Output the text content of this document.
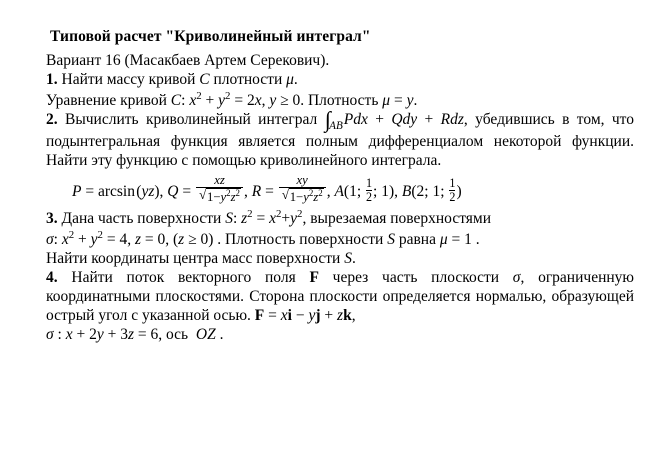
Типовой расчет "Криволинейный интеграл"
Вариант 16 (Масакбаев Артем Серекович).
1. Найти массу кривой C плотности μ.
Уравнение кривой C: $x^2 + y^2 = 2x$, y ≥ 0. Плотность μ = y.
2. Вычислить криволинейный интеграл $\int_{AB}Pdx$ + Qdy + Rdz, убедившись в том, что подынтегральная функция является полным дифференциалом некоторой функции. Найти эту функцию с помощью криволинейного интеграла.
P = arcsin (yz), Q = xz
√ $1-y^2z^2$ , R = xy
√ $1-y^2z^2$ , A(1; $\frac{1}{2}$ ; 1), B(2; 1; $\frac{1}{2}$ )
3. Дана часть поверхности S: $z^2 = x^2+y^2$, вырезаемая поверхностями
σ: $x^2 + y^2 = 4$, z = 0, (z ≥ 0) . Плотность поверхности S равна μ = 1 .
Найти координаты центра масс поверхности S.
4. Найти поток векторного поля F через часть плоскости σ, ограниченную координатными плоскостями. Сторона плоскости определяется нормалью, образующей острый угол с указанной осью. F = xi − yj + zk,
σ : x + 2y + 3z = 6, ось  OZ .
